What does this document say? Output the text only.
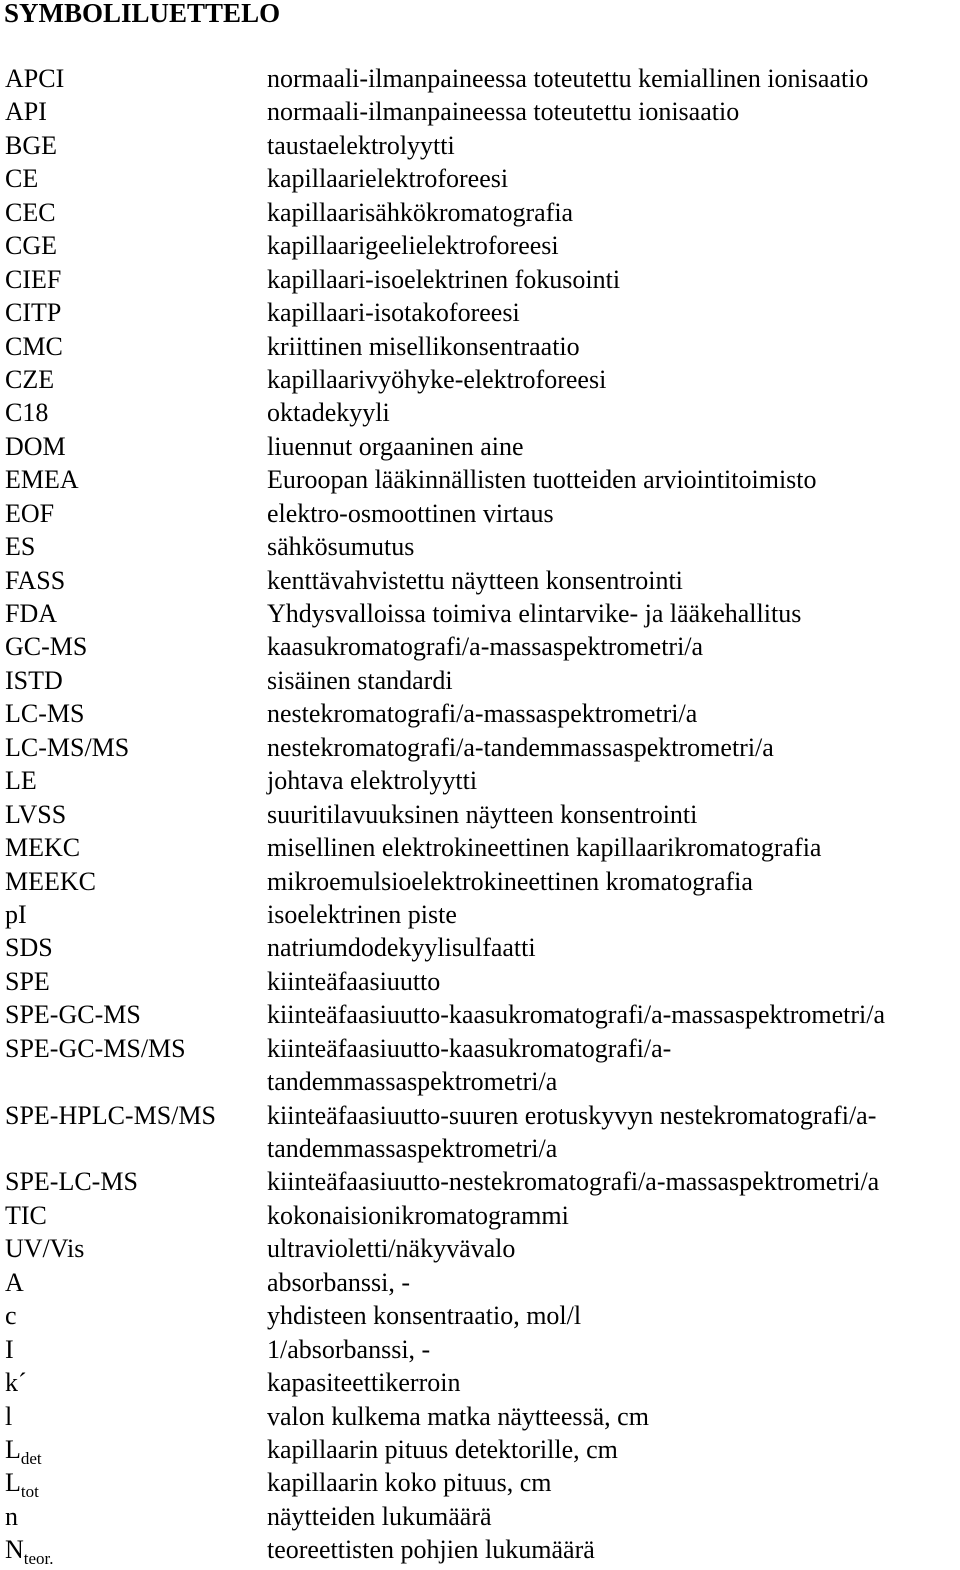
SYMBOLILUETTELO
APCI	normaali-ilmanpaineessa toteutettu kemiallinen ionisaatio
API	normaali-ilmanpaineessa toteutettu ionisaatio
BGE	taustaelektrolyytti
CE	kapillaarielektroforeesi
CEC	kapillaarisähkökromatografia
CGE	kapillaarigeelielektroforeesi
CIEF	kapillaari-isoelektrinen fokusointi
CITP	kapillaari-isotakoforeesi
CMC	kriittinen misellikonsentraatio
CZE	kapillaarivyöhyke-elektroforeesi
C18	oktadekyyli
DOM	liuennut orgaaninen aine
EMEA	Euroopan lääkinnällisten tuotteiden arviointitoimisto
EOF	elektro-osmoottinen virtaus
ES	sähkösumutus
FASS	kenttävahvistettu näytteen konsentrointi
FDA	Yhdysvalloissa toimiva elintarvike- ja lääkehallitus
GC-MS	kaasukromatografi/a-massaspektrometri/a
ISTD	sisäinen standardi
LC-MS	nestekromatografi/a-massaspektrometri/a
LC-MS/MS	nestekromatografi/a-tandemmassaspektrometri/a
LE	johtava elektrolyytti
LVSS	suuritilavuuksinen näytteen konsentrointi
MEKC	misellinen elektrokineettinen kapillaarikromatografia
MEEKC	mikroemulsioelektrokineettinen kromatografia
pI	isoelektrinen piste
SDS	natriumdodekyylisulfaatti
SPE	kiinteäfaasiuutto
SPE-GC-MS	kiinteäfaasiuutto-kaasukromatografi/a-massaspektrometri/a
SPE-GC-MS/MS	kiinteäfaasiuutto-kaasukromatografi/a-
tandemmassaspektrometri/a
SPE-HPLC-MS/MS	kiinteäfaasiuutto-suuren erotuskyvyn nestekromatografi/a-
tandemmassaspektrometri/a
SPE-LC-MS	kiinteäfaasiuutto-nestekromatografi/a-massaspektrometri/a
TIC	kokonaisionikromatogrammi
UV/Vis	ultravioletti/näkyvävalo
A	absorbanssi, -
c	yhdisteen konsentraatio, mol/l
I	1/absorbanssi, -
k´	kapasiteettikerroin
l	valon kulkema matka näytteessä, cm
$L_{det}$	kapillaarin pituus detektorille, cm
$L_{tot}$	kapillaarin koko pituus, cm
n	näytteiden lukumäärä
$N_{teor.}$	teoreettisten pohjien lukumäärä
